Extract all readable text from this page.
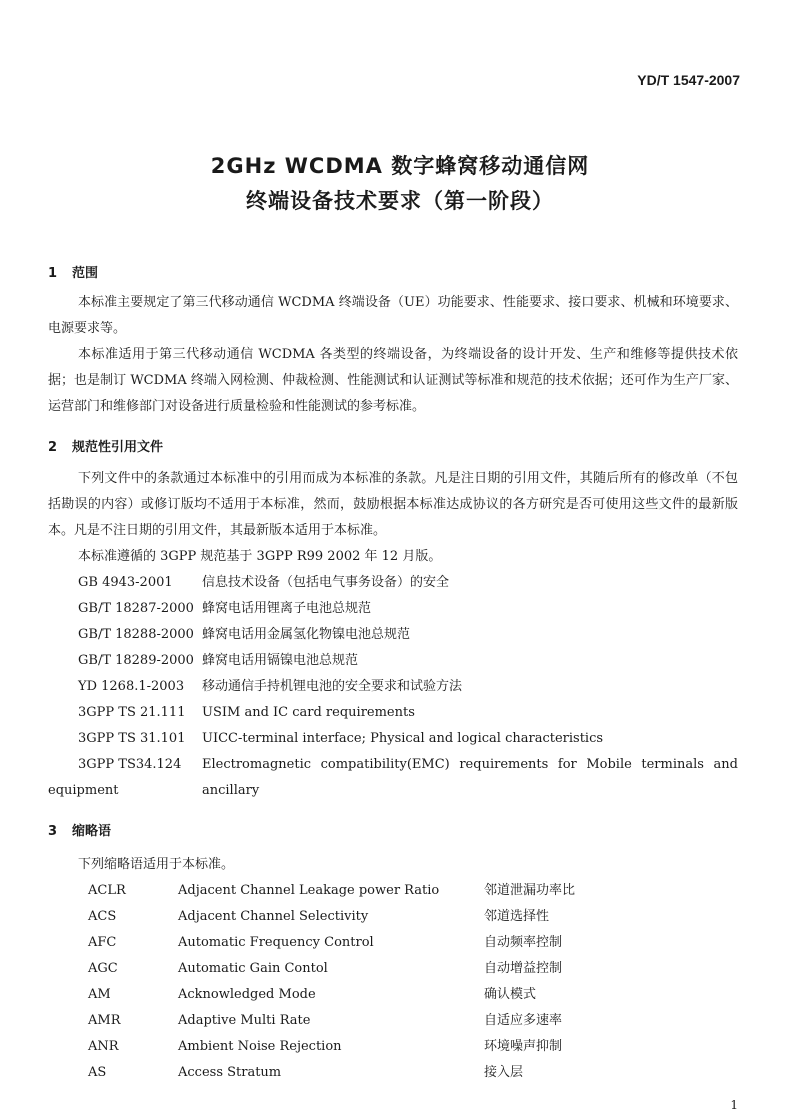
YD/T 1547-2007
2GHz WCDMA 数字蜂窝移动通信网
终端设备技术要求（第一阶段）
1 范围
本标准主要规定了第三代移动通信 WCDMA 终端设备（UE）功能要求、性能要求、接口要求、机械和环境要求、电源要求等。
本标准适用于第三代移动通信 WCDMA 各类型的终端设备，为终端设备的设计开发、生产和维修等提供技术依据；也是制订 WCDMA 终端入网检测、仲裁检测、性能测试和认证测试等标准和规范的技术依据；还可作为生产厂家、运营部门和维修部门对设备进行质量检验和性能测试的参考标准。
2 规范性引用文件
下列文件中的条款通过本标准中的引用而成为本标准的条款。凡是注日期的引用文件，其随后所有的修改单（不包括勘误的内容）或修订版均不适用于本标准，然而，鼓励根据本标准达成协议的各方研究是否可使用这些文件的最新版本。凡是不注日期的引用文件，其最新版本适用于本标准。
本标准遵循的 3GPP 规范基于 3GPP R99 2002 年 12 月版。
GB 4943-2001 信息技术设备（包括电气事务设备）的安全
GB/T 18287-2000 蜂窝电话用锂离子电池总规范
GB/T 18288-2000 蜂窝电话用金属氢化物镍电池总规范
GB/T 18289-2000 蜂窝电话用镉镍电池总规范
YD 1268.1-2003 移动通信手持机锂电池的安全要求和试验方法
3GPP TS 21.111 USIM and IC card requirements
3GPP TS 31.101 UICC-terminal interface; Physical and logical characteristics
3GPP TS34.124 Electromagnetic compatibility(EMC) requirements for Mobile terminals and ancillary
equipment
3 缩略语
下列缩略语适用于本标准。
ACLR	Adjacent Channel Leakage power Ratio	邻道泄漏功率比
ACS	Adjacent Channel Selectivity	邻道选择性
AFC	Automatic Frequency Control	自动频率控制
AGC	Automatic Gain Contol	自动增益控制
AM	Acknowledged Mode	确认模式
AMR	Adaptive Multi Rate	自适应多速率
ANR	Ambient Noise Rejection	环境噪声抑制
AS	Access Stratum	接入层
1
